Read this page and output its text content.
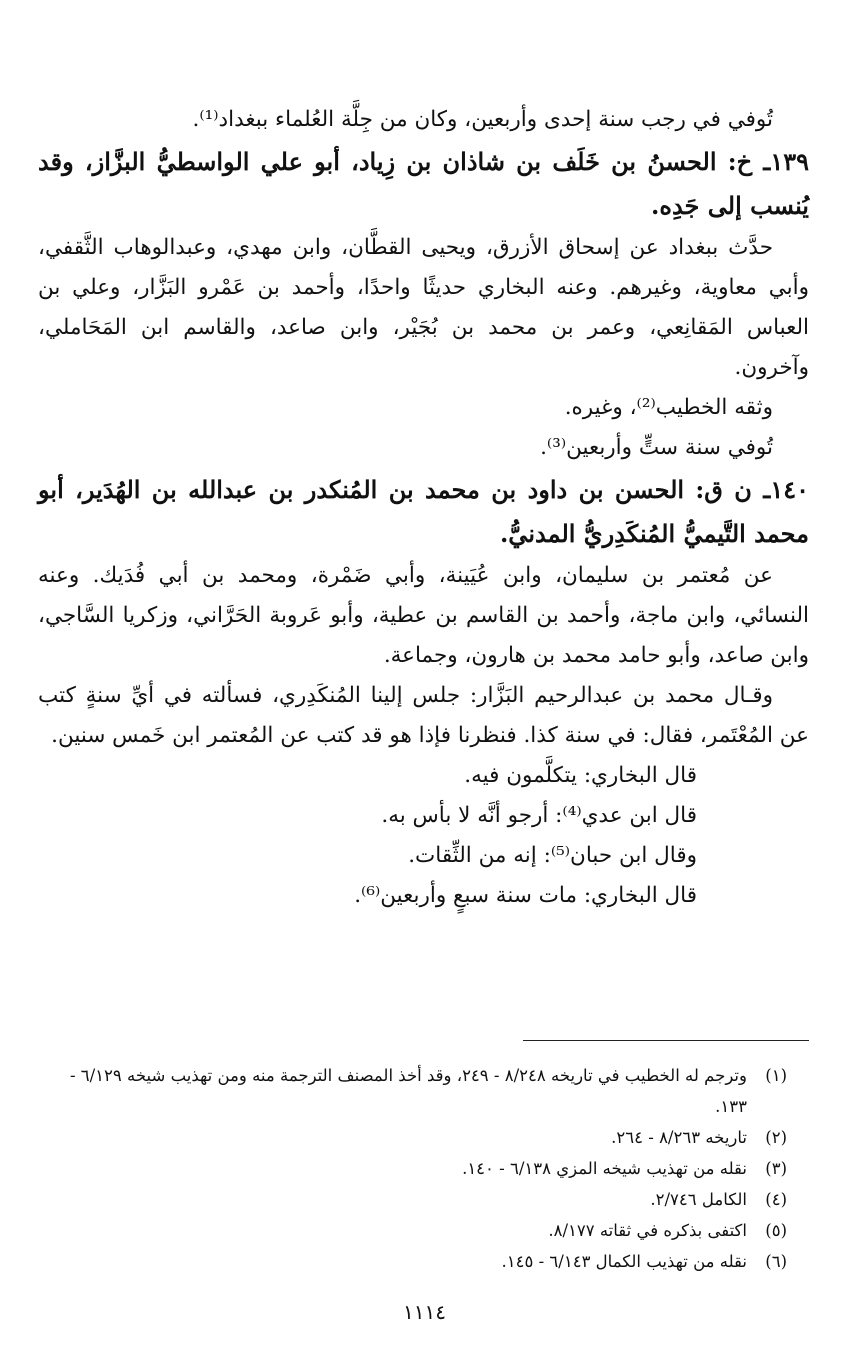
تُوفي في رجب سنة إحدى وأربعين، وكان من جِلَّة العُلماء ببغداد⁽¹⁾.

١٣٩ـ خ: الحسنُ بن خَلَف بن شاذان بن زِياد، أبو علي الواسطيُّ البزَّاز، وقد يُنسب إلى جَدِه.

حدَّث ببغداد عن إسحاق الأزرق، ويحيى القطَّان، وابن مهدي، وعبدالوهاب الثَّقفي، وأبي معاوية، وغيرهم. وعنه البخاري حديثًا واحدًا، وأحمد بن عَمْرو البَزَّار، وعلي بن العباس المَقانِعي، وعمر بن محمد بن بُجَيْر، وابن صاعد، والقاسم ابن المَحَاملي، وآخرون.

وثقه الخطيب⁽²⁾، وغيره.

تُوفي سنة ستٍّ وأربعين⁽³⁾.

١٤٠ـ ن ق: الحسن بن داود بن محمد بن المُنكدر بن عبدالله بن الهُدَير، أبو محمد التَّيميُّ المُنكَدِريُّ المدنيُّ.

عن مُعتمر بن سليمان، وابن عُيَينة، وأبي ضَمْرة، ومحمد بن أبي فُدَيك. وعنه النسائي، وابن ماجة، وأحمد بن القاسم بن عطية، وأبو عَروبة الحَرَّاني، وزكريا السَّاجي، وابن صاعد، وأبو حامد محمد بن هارون، وجماعة.

وقـال محمد بن عبدالرحيم البَزَّار: جلس إلينا المُنكَدِري، فسألته في أيِّ سنةٍ كتب عن المُعْتَمر، فقال: في سنة كذا. فنظرنا فإذا هو قد كتب عن المُعتمر ابن خَمس سنين.

قال البخاري: يتكلَّمون فيه.

قال ابن عدي⁽⁴⁾: أرجو أنَّه لا بأس به.

وقال ابن حبان⁽⁵⁾: إنه من الثِّقات.

قال البخاري: مات سنة سبعٍ وأربعين⁽⁶⁾.

(١)
وترجم له الخطيب في تاريخه ٨/٢٤٨ - ٢٤٩، وقد أخذ المصنف الترجمة منه ومن تهذيب شيخه ٦/١٢٩ - ١٣٣.

(٢)
تاريخه ٨/٢٦٣ - ٢٦٤.

(٣)
نقله من تهذيب شيخه المزي ٦/١٣٨ - ١٤٠.

(٤)
الكامل ٢/٧٤٦.

(٥)
اكتفى بذكره في ثقاته ٨/١٧٧.

(٦)
نقله من تهذيب الكمال ٦/١٤٣ - ١٤٥.

١١١٤
